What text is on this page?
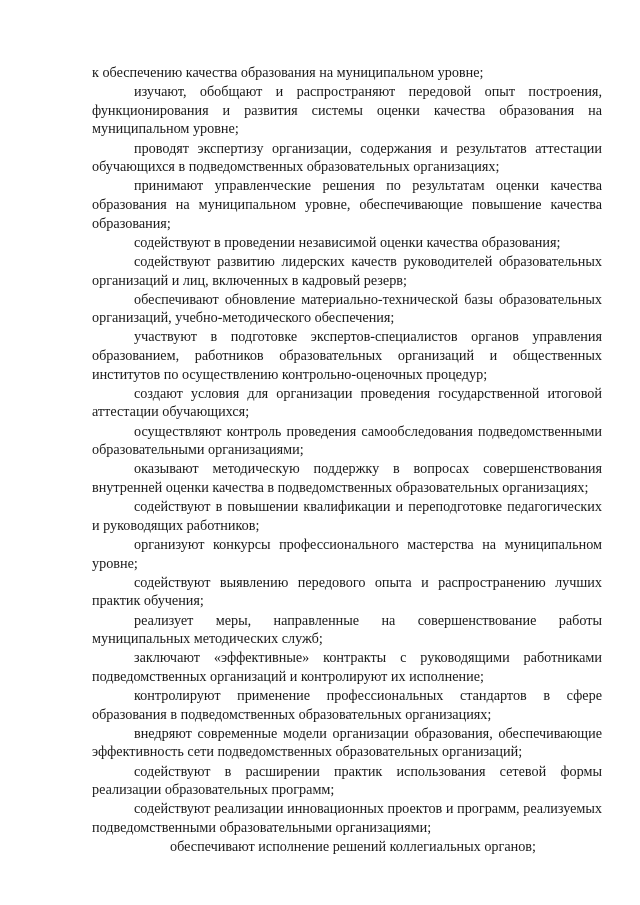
к обеспечению качества образования на муниципальном уровне;

изучают, обобщают и распространяют передовой опыт построения, функционирования и развития системы оценки качества образования на муниципальном уровне;

проводят экспертизу организации, содержания и результатов аттестации обучающихся в подведомственных образовательных организациях;

принимают управленческие решения по результатам оценки качества образования на муниципальном уровне, обеспечивающие повышение качества образования;

содействуют в проведении независимой оценки качества образования;

содействуют развитию лидерских качеств руководителей образовательных организаций и лиц, включенных в кадровый резерв;

обеспечивают обновление материально-технической базы образовательных организаций, учебно-методического обеспечения;

участвуют в подготовке экспертов-специалистов органов управления образованием, работников образовательных организаций и общественных институтов по осуществлению контрольно-оценочных процедур;

создают условия для организации проведения государственной итоговой аттестации обучающихся;

осуществляют контроль проведения самообследования подведомственными образовательными организациями;

оказывают методическую поддержку в вопросах совершенствования внутренней оценки качества в подведомственных образовательных организациях;

содействуют в повышении квалификации и переподготовке педагогических и руководящих работников;

организуют конкурсы профессионального мастерства на муниципальном уровне;

содействуют выявлению передового опыта и распространению лучших практик обучения;

реализует меры, направленные на совершенствование работы муниципальных методических служб;

заключают «эффективные» контракты с руководящими работниками подведомственных организаций и контролируют их исполнение;

контролируют применение профессиональных стандартов в сфере образования в подведомственных образовательных организациях;

внедряют современные модели организации образования, обеспечивающие эффективность сети подведомственных образовательных организаций;

содействуют в расширении практик использования сетевой формы реализации образовательных программ;

содействуют реализации инновационных проектов и программ, реализуемых подведомственными образовательными организациями;

обеспечивают исполнение решений коллегиальных органов;
